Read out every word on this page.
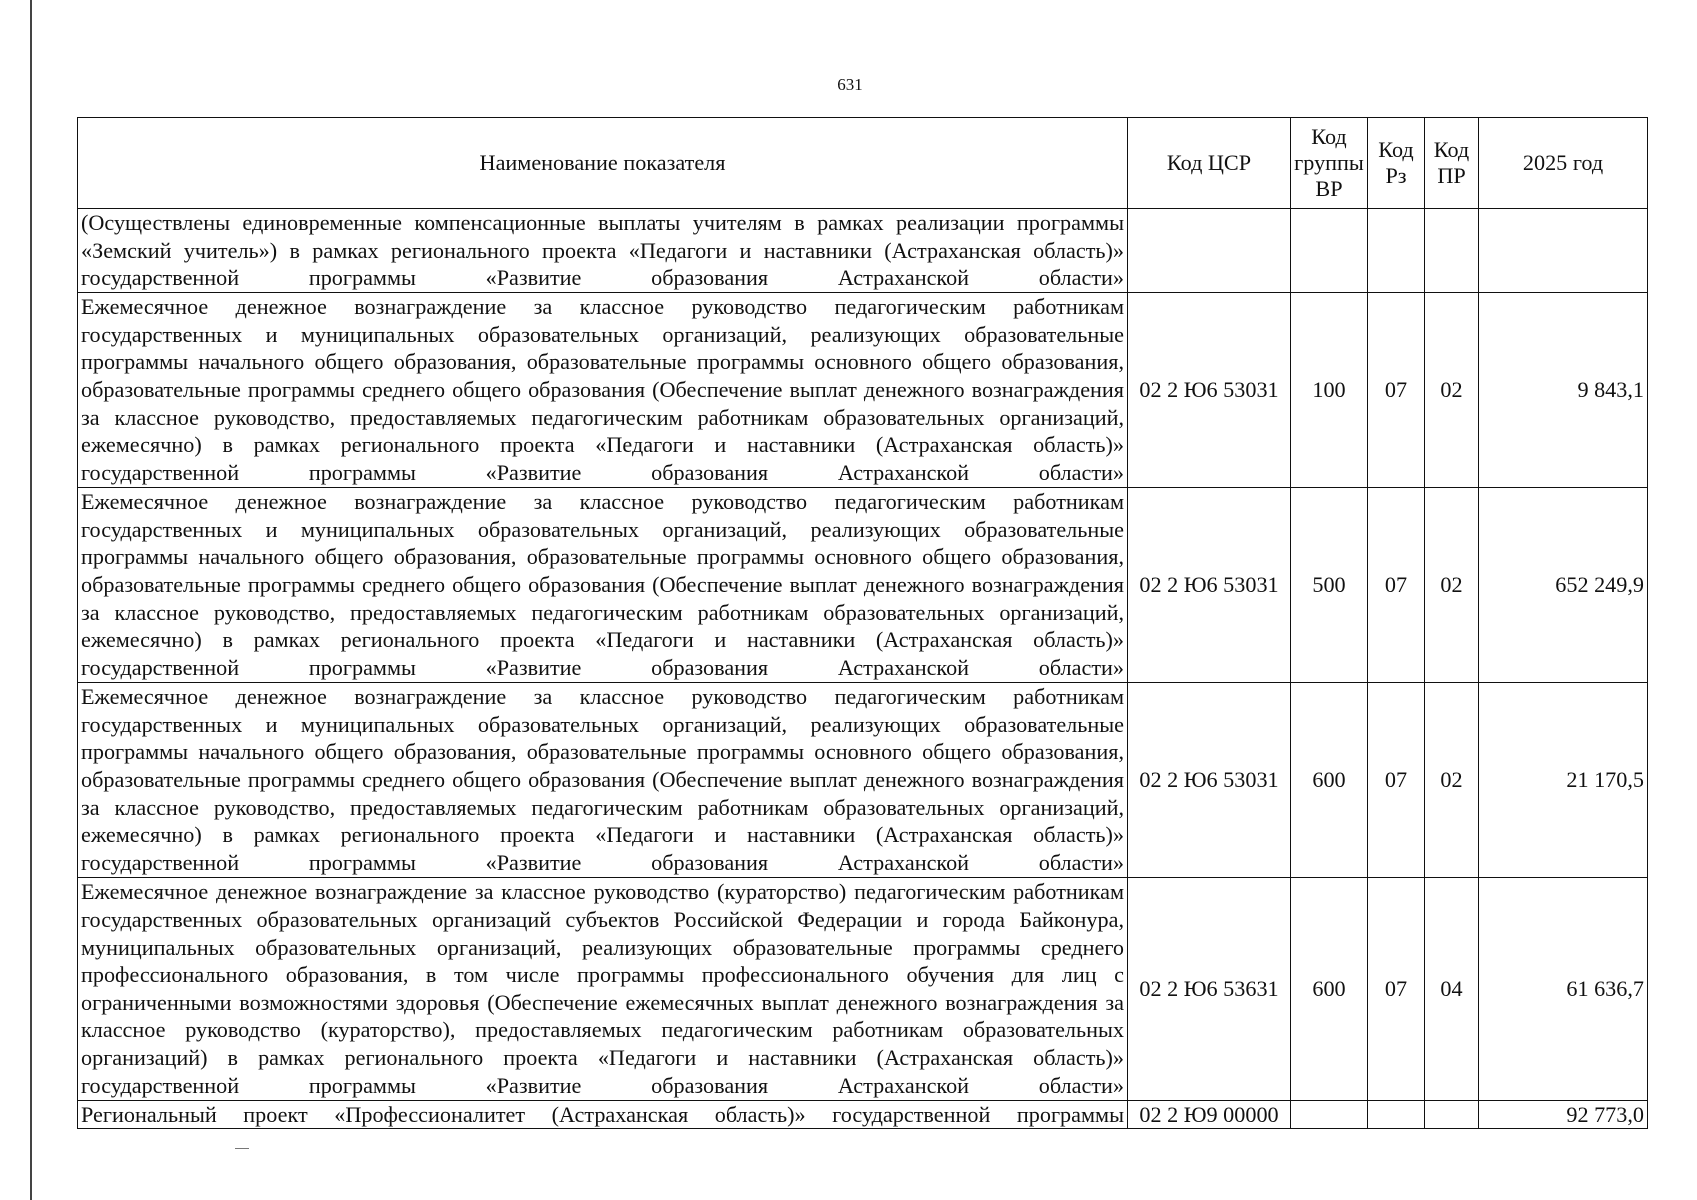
631
Наименование показателя	Код ЦСР	Код группы ВР	Код Рз	Код ПР	2025 год
(Осуществлены единовременные компенсационные выплаты учителям в рамках реализации программы «Земский учитель») в рамках регионального проекта «Педагоги и наставники (Астраханская область)» государственной программы «Развитие образования Астраханской области»					
Ежемесячное денежное вознаграждение за классное руководство педагогическим работникам государственных и муниципальных образовательных организаций, реализующих образовательные программы начального общего образования, образовательные программы основного общего образования, образовательные программы среднего общего образования (Обеспечение выплат денежного вознаграждения за классное руководство, предоставляемых педагогическим работникам образовательных организаций, ежемесячно) в рамках регионального проекта «Педагоги и наставники (Астраханская область)» государственной программы «Развитие образования Астраханской области»	02 2 Ю6 53031	100	07	02	9 843,1
Ежемесячное денежное вознаграждение за классное руководство педагогическим работникам государственных и муниципальных образовательных организаций, реализующих образовательные программы начального общего образования, образовательные программы основного общего образования, образовательные программы среднего общего образования (Обеспечение выплат денежного вознаграждения за классное руководство, предоставляемых педагогическим работникам образовательных организаций, ежемесячно) в рамках регионального проекта «Педагоги и наставники (Астраханская область)» государственной программы «Развитие образования Астраханской области»	02 2 Ю6 53031	500	07	02	652 249,9
Ежемесячное денежное вознаграждение за классное руководство педагогическим работникам государственных и муниципальных образовательных организаций, реализующих образовательные программы начального общего образования, образовательные программы основного общего образования, образовательные программы среднего общего образования (Обеспечение выплат денежного вознаграждения за классное руководство, предоставляемых педагогическим работникам образовательных организаций, ежемесячно) в рамках регионального проекта «Педагоги и наставники (Астраханская область)» государственной программы «Развитие образования Астраханской области»	02 2 Ю6 53031	600	07	02	21 170,5
Ежемесячное денежное вознаграждение за классное руководство (кураторство) педагогическим работникам государственных образовательных организаций субъектов Российской Федерации и города Байконура, муниципальных образовательных организаций, реализующих образовательные программы среднего профессионального образования, в том числе программы профессионального обучения для лиц с ограниченными возможностями здоровья (Обеспечение ежемесячных выплат денежного вознаграждения за классное руководство (кураторство), предоставляемых педагогическим работникам образовательных организаций) в рамках регионального проекта «Педагоги и наставники (Астраханская область)» государственной программы «Развитие образования Астраханской области»	02 2 Ю6 53631	600	07	04	61 636,7
Региональный проект «Профессионалитет (Астраханская область)» государственной программы	02 2 Ю9 00000				92 773,0
